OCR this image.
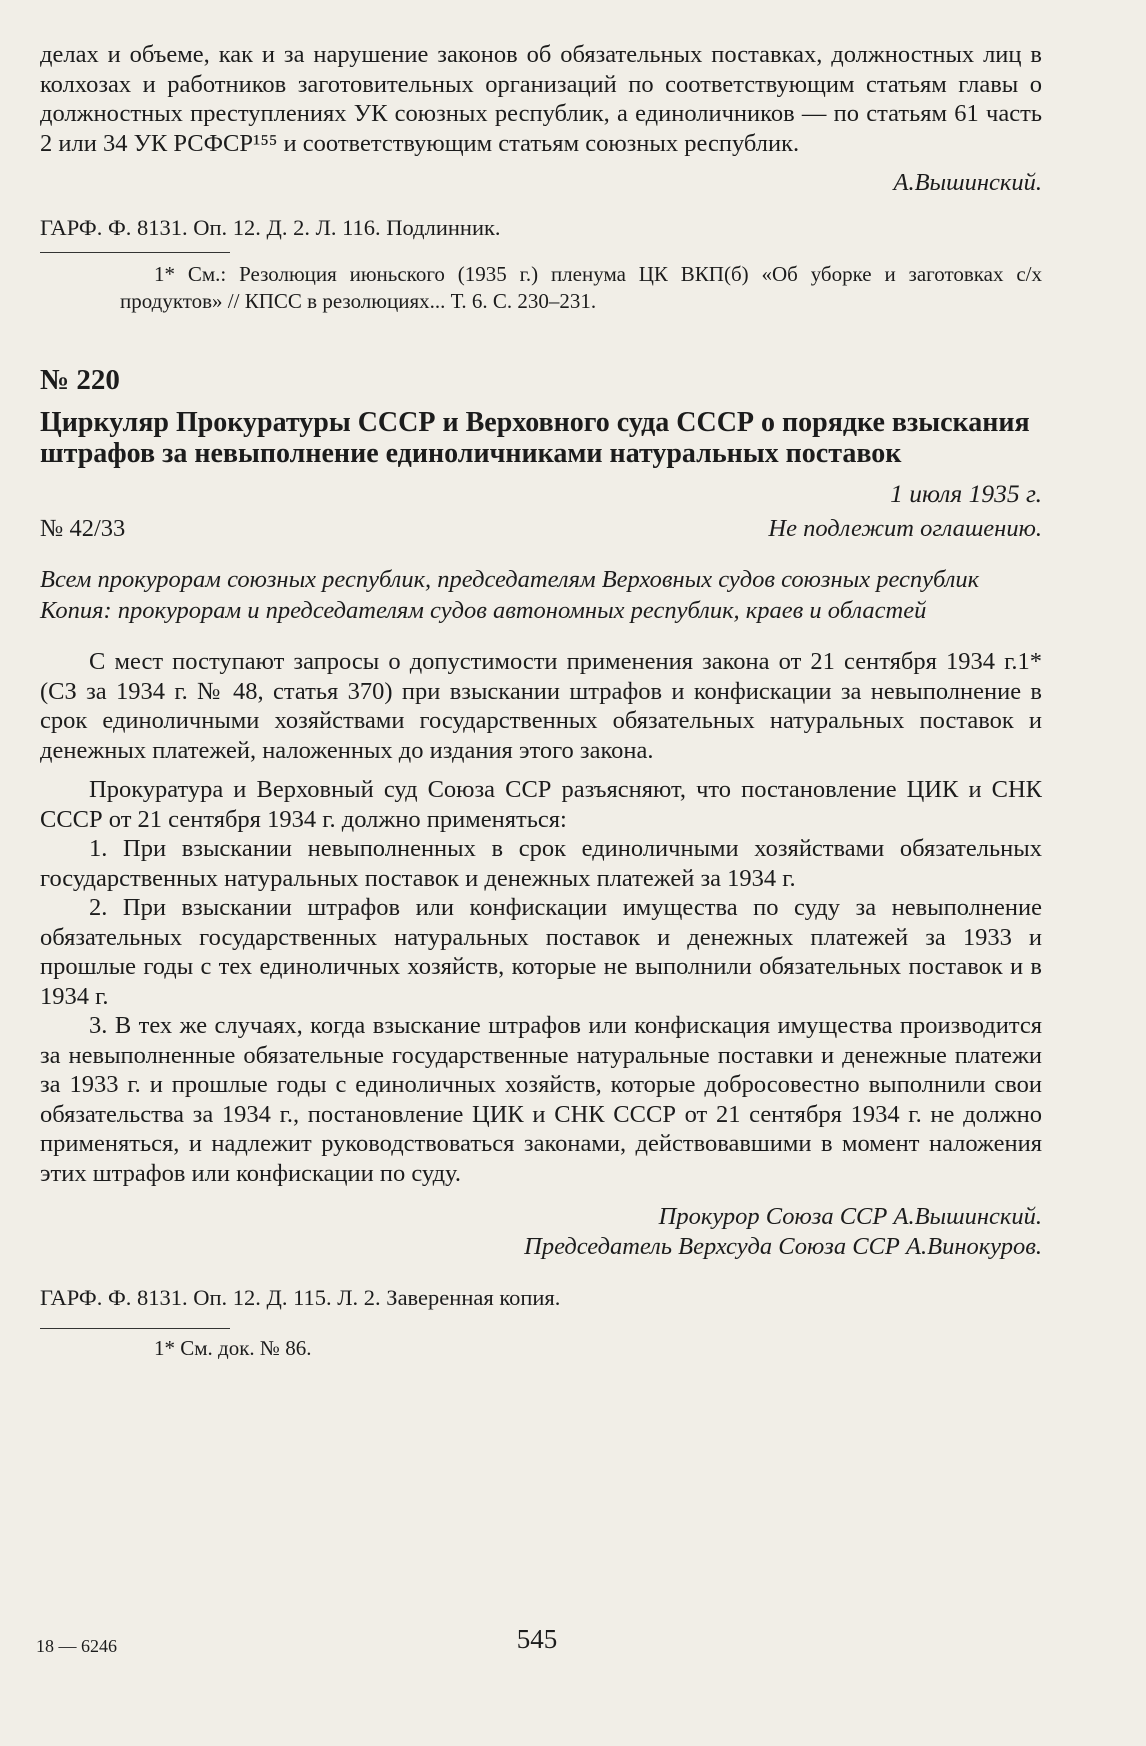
делах и объеме, как и за нарушение законов об обязательных поставках, должностных лиц в колхозах и работников заготовительных организаций по соответствующим статьям главы о должностных преступлениях УК союзных республик, а единоличников — по статьям 61 часть 2 или 34 УК РСФСР¹⁵⁵ и соответствующим статьям союзных республик.

А.Вышинский.

ГАРФ. Ф. 8131. Оп. 12. Д. 2. Л. 116. Подлинник.

1* См.: Резолюция июньского (1935 г.) пленума ЦК ВКП(б) «Об уборке и заготовках с/х продуктов» // КПСС в резолюциях... Т. 6. С. 230–231.

№ 220

Циркуляр Прокуратуры СССР и Верховного суда СССР о порядке взыскания штрафов за невыполнение единоличниками натуральных поставок

1 июля 1935 г.

№ 42/33	Не подлежит оглашению.

Всем прокурорам союзных республик, председателям Верховных судов союзных республик

Копия: прокурорам и председателям судов автономных республик, краев и областей

С мест поступают запросы о допустимости применения закона от 21 сентября 1934 г.1* (СЗ за 1934 г. № 48, статья 370) при взыскании штрафов и конфискации за невыполнение в срок единоличными хозяйствами государственных обязательных натуральных поставок и денежных платежей, наложенных до издания этого закона.

Прокуратура и Верховный суд Союза ССР разъясняют, что постановление ЦИК и СНК СССР от 21 сентября 1934 г. должно применяться:

1. При взыскании невыполненных в срок единоличными хозяйствами обязательных государственных натуральных поставок и денежных платежей за 1934 г.

2. При взыскании штрафов или конфискации имущества по суду за невыполнение обязательных государственных натуральных поставок и денежных платежей за 1933 и прошлые годы с тех единоличных хозяйств, которые не выполнили обязательных поставок и в 1934 г.

3. В тех же случаях, когда взыскание штрафов или конфискация имущества производится за невыполненные обязательные государственные натуральные поставки и денежные платежи за 1933 г. и прошлые годы с единоличных хозяйств, которые добросовестно выполнили свои обязательства за 1934 г., постановление ЦИК и СНК СССР от 21 сентября 1934 г. не должно применяться, и надлежит руководствоваться законами, действовавшими в момент наложения этих штрафов или конфискации по суду.

Прокурор Союза ССР А.Вышинский.

Председатель Верхсуда Союза ССР А.Винокуров.

ГАРФ. Ф. 8131. Оп. 12. Д. 115. Л. 2. Заверенная копия.

1* См. док. № 86.

18 — 6246	545
